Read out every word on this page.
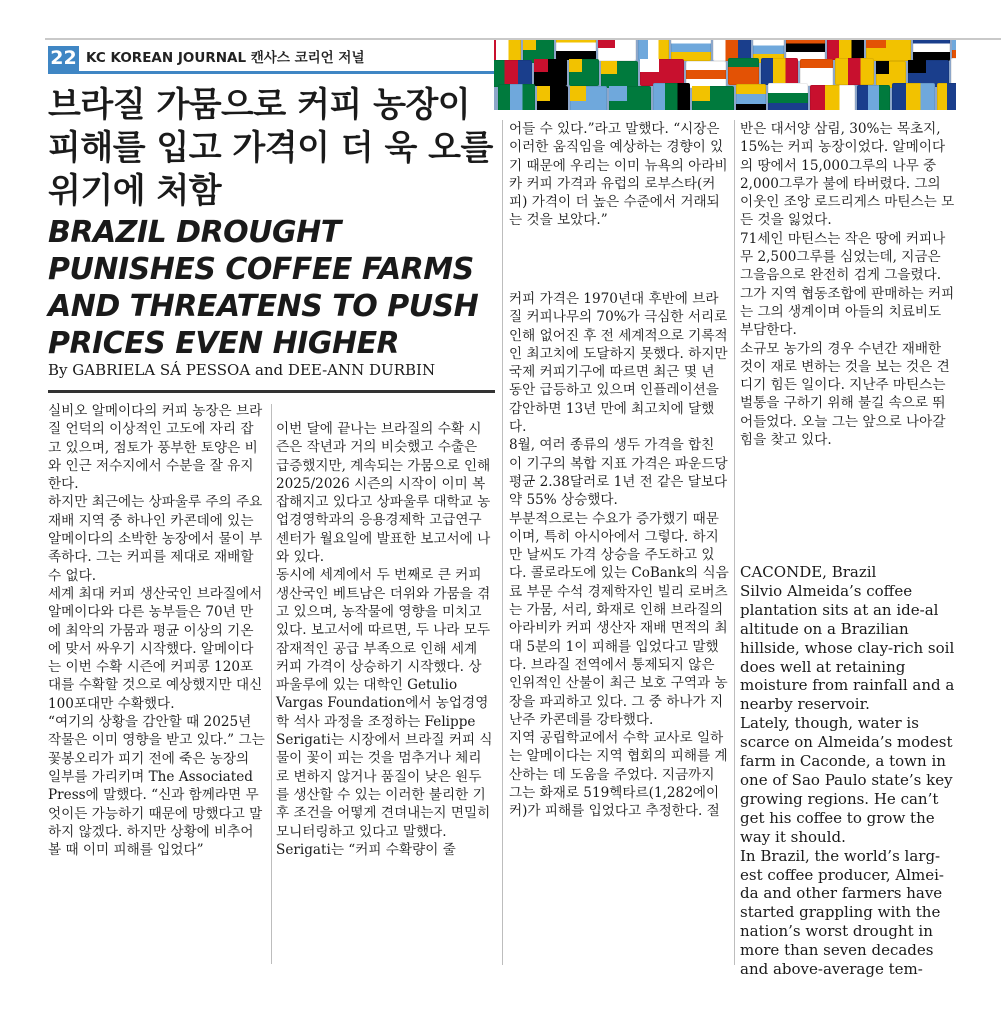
22 KC KOREAN JOURNAL 캔사스 코리언 저널
브라질 가뭄으로 커피 농장이 피해를 입고 가격이 더 욱 오를 위기에 처함
BRAZIL DROUGHT PUNISHES COFFEE FARMS AND THREATENS TO PUSH PRICES EVEN HIGHER
By GABRIELA SÁ PESSOA and DEE-ANN DURBIN

실비오 알메이다의 커피 농장은 브라질 언덕의 이상적인 고도에 자리 잡고 있으며, 점토가 풍부한 토양은 비와 인근 저수지에서 수분을 잘 유지한다.

하지만 최근에는 상파울루 주의 주요 재배 지역 중 하나인 카콘데에 있는 알메이다의 소박한 농장에서 물이 부족하다. 그는 커피를 제대로 재배할 수 없다.

세계 최대 커피 생산국인 브라질에서 알메이다와 다른 농부들은 70년 만에 최악의 가뭄과 평균 이상의 기온에 맞서 싸우기 시작했다. 알메이다는 이번 수확 시즌에 커피콩 120포대를 수확할 것으로 예상했지만 대신 100포대만 수확했다.

“여기의 상황을 감안할 때 2025년 작물은 이미 영향을 받고 있다.” 그는 꽃봉오리가 피기 전에 죽은 농장의 일부를 가리키며 The Associated Press에 말했다. “신과 함께라면 무엇이든 가능하기 때문에 망했다고 말하지 않겠다. 하지만 상황에 비추어 볼 때 이미 피해를 입었다”

이번 달에 끝나는 브라질의 수확 시즌은 작년과 거의 비슷했고 수출은 급증했지만, 계속되는 가뭄으로 인해 2025/2026 시즌의 시작이 이미 복잡해지고 있다고 상파울루 대학교 농업경영학과의 응용경제학 고급연구 센터가 월요일에 발표한 보고서에 나와 있다.

동시에 세계에서 두 번째로 큰 커피 생산국인 베트남은 더위와 가뭄을 겪고 있으며, 농작물에 영향을 미치고 있다. 보고서에 따르면, 두 나라 모두 잠재적인 공급 부족으로 인해 세계 커피 가격이 상승하기 시작했다. 상파울루에 있는 대학인 Getulio Vargas Foundation에서 농업경영학 석사 과정을 조정하는 Felippe Serigati는 시장에서 브라질 커피 식물이 꽃이 피는 것을 멈추거나 체리로 변하지 않거나 품질이 낮은 원두를 생산할 수 있는 이러한 불리한 기후 조건을 어떻게 견뎌내는지 면밀히 모니터링하고 있다고 말했다.

Serigati는 “커피 수확량이 줄

어들 수 있다.”라고 말했다. “시장은 이러한 움직임을 예상하는 경향이 있기 때문에 우리는 이미 뉴욕의 아라비카 커피 가격과 유럽의 로부스타(커피) 가격이 더 높은 수준에서 거래되는 것을 보았다.”

커피 가격은 1970년대 후반에 브라질 커피나무의 70%가 극심한 서리로 인해 없어진 후 전 세계적으로 기록적인 최고치에 도달하지 못했다. 하지만 국제 커피기구에 따르면 최근 몇 년 동안 급등하고 있으며 인플레이션을 감안하면 13년 만에 최고치에 달했다.

8월, 여러 종류의 생두 가격을 합친 이 기구의 복합 지표 가격은 파운드당 평균 2.38달러로 1년 전 같은 달보다 약 55% 상승했다.

부분적으로는 수요가 증가했기 때문이며, 특히 아시아에서 그렇다. 하지만 날씨도 가격 상승을 주도하고 있다. 콜로라도에 있는 CoBank의 식음료 부문 수석 경제학자인 빌리 로버츠는 가뭄, 서리, 화재로 인해 브라질의 아라비카 커피 생산자 재배 면적의 최대 5분의 1이 피해를 입었다고 말했다. 브라질 전역에서 통제되지 않은 인위적인 산불이 최근 보호 구역과 농장을 파괴하고 있다. 그 중 하나가 지난주 카콘데를 강타했다.

지역 공립학교에서 수학 교사로 일하는 알메이다는 지역 협회의 피해를 계산하는 데 도움을 주었다. 지금까지 그는 화재로 519헥타르(1,282에이커)가 피해를 입었다고 추정한다. 절

반은 대서양 삼림, 30%는 목초지, 15%는 커피 농장이었다. 알메이다의 땅에서 15,000그루의 나무 중 2,000그루가 불에 타버렸다. 그의 이웃인 조앙 로드리게스 마틴스는 모든 것을 잃었다.

71세인 마틴스는 작은 땅에 커피나무 2,500그루를 심었는데, 지금은 그을음으로 완전히 검게 그을렸다. 그가 지역 협동조합에 판매하는 커피는 그의 생계이며 아들의 치료비도 부담한다.

소규모 농가의 경우 수년간 재배한 것이 재로 변하는 것을 보는 것은 견디기 힘든 일이다. 지난주 마틴스는 벌통을 구하기 위해 불길 속으로 뛰어들었다. 오늘 그는 앞으로 나아갈 힘을 찾고 있다.

CACONDE, Brazil

Silvio Almeida’s coffee plantation sits at an ide-al altitude on a Brazilian hillside, whose clay-rich soil does well at retaining moisture from rainfall and a nearby reservoir.

Lately, though, water is scarce on Almeida’s modest farm in Caconde, a town in one of Sao Paulo state’s key growing regions. He can’t get his coffee to grow the way it should.

In Brazil, the world’s larg-est coffee producer, Almei-da and other farmers have started grappling with the nation’s worst drought in more than seven decades and above-average tem-
